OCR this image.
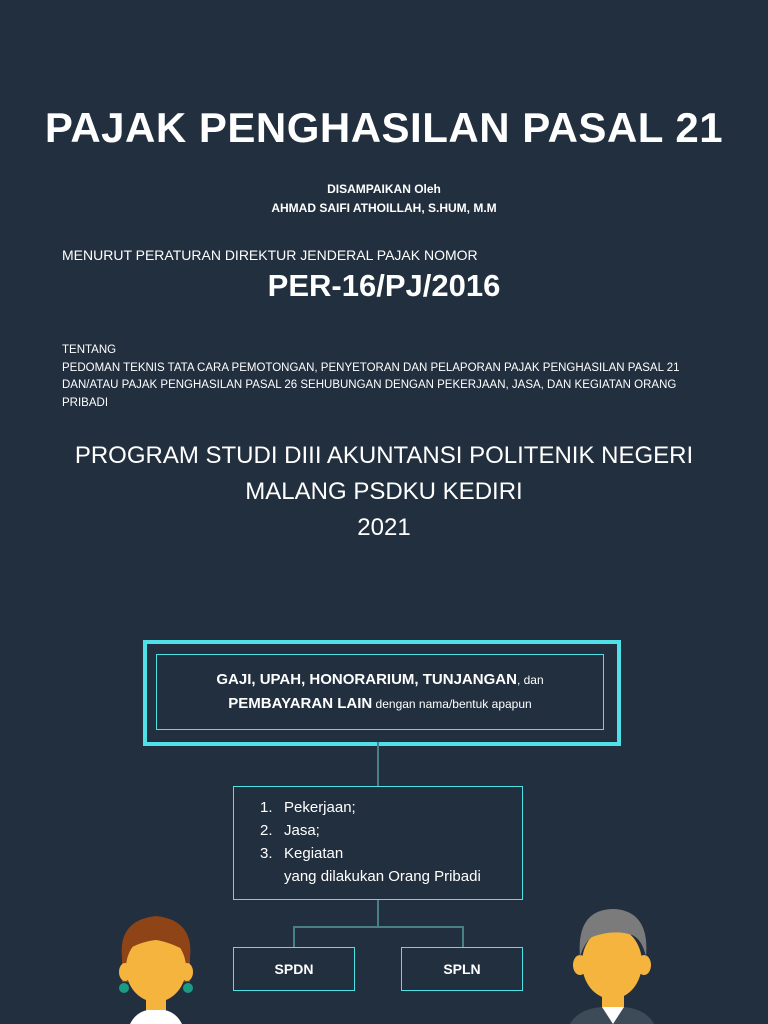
PAJAK PENGHASILAN PASAL 21
DISAMPAIKAN Oleh
AHMAD SAIFI ATHOILLAH, S.HUM, M.M
MENURUT PERATURAN DIREKTUR JENDERAL PAJAK NOMOR
PER-16/PJ/2016
TENTANG
PEDOMAN TEKNIS TATA CARA PEMOTONGAN, PENYETORAN DAN PELAPORAN PAJAK PENGHASILAN PASAL 21 DAN/ATAU PAJAK PENGHASILAN PASAL 26 SEHUBUNGAN DENGAN PEKERJAAN, JASA, DAN KEGIATAN ORANG PRIBADI
PROGRAM STUDI DIII AKUNTANSI POLITENIK NEGERI
MALANG PSDKU KEDIRI
2021
GAJI, UPAH, HONORARIUM, TUNJANGAN, dan
PEMBAYARAN LAIN dengan nama/bentuk apapun
1. Pekerjaan;
2. Jasa;
3. Kegiatan
yang dilakukan Orang Pribadi
SPDN	SPLN
